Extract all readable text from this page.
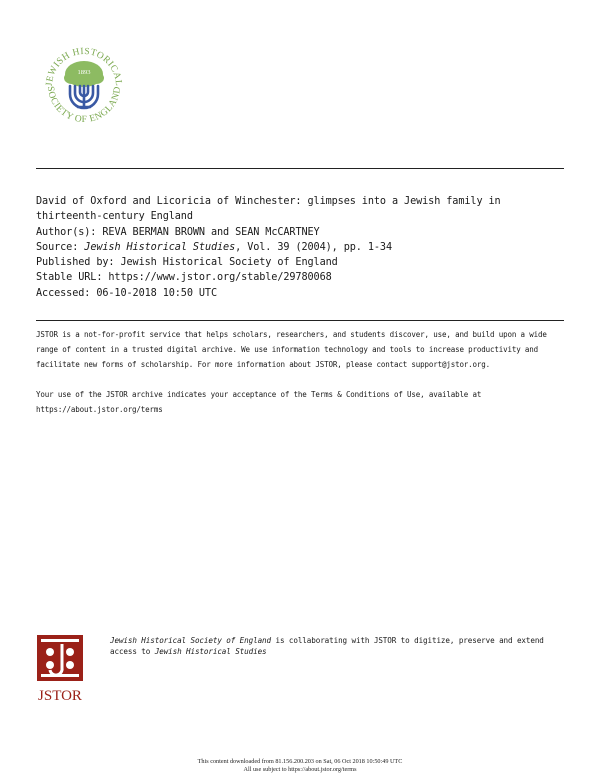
JEWISH HISTORICAL
SOCIETY OF ENGLAND
1893
David of Oxford and Licoricia of Winchester: glimpses into a Jewish family in thirteenth-century England
Author(s): REVA BERMAN BROWN and SEAN McCARTNEY
Source: Jewish Historical Studies, Vol. 39 (2004), pp. 1-34
Published by: Jewish Historical Society of England
Stable URL: https://www.jstor.org/stable/29780068
Accessed: 06-10-2018 10:50 UTC

JSTOR is a not-for-profit service that helps scholars, researchers, and students discover, use, and build upon a wide range of content in a trusted digital archive. We use information technology and tools to increase productivity and facilitate new forms of scholarship. For more information about JSTOR, please contact support@jstor.org.

Your use of the JSTOR archive indicates your acceptance of the Terms & Conditions of Use, available at https://about.jstor.org/terms

JSTOR
Jewish Historical Society of England is collaborating with JSTOR to digitize, preserve and extend access to Jewish Historical Studies
This content downloaded from 81.156.200.203 on Sat, 06 Oct 2018 10:50:49 UTC
All use subject to https://about.jstor.org/terms
